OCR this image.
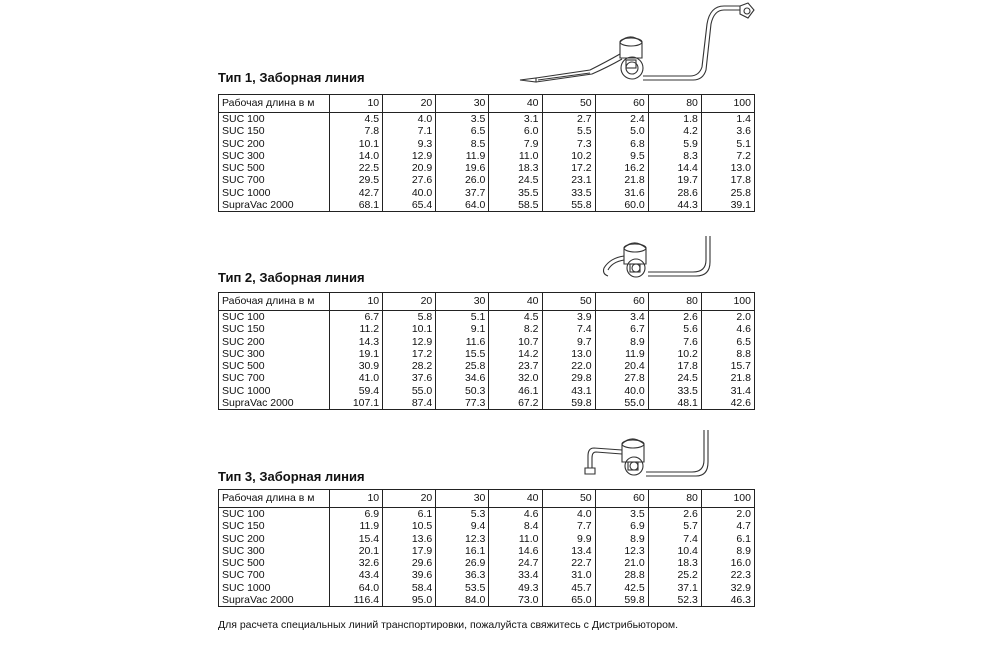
Тип 1, Заборная линия
Рабочая длина в м	10	20	30	40	50	60	80	100
SUC 100	4.5	4.0	3.5	3.1	2.7	2.4	1.8	1.4
SUC 150	7.8	7.1	6.5	6.0	5.5	5.0	4.2	3.6
SUC 200	10.1	9.3	8.5	7.9	7.3	6.8	5.9	5.1
SUC 300	14.0	12.9	11.9	11.0	10.2	9.5	8.3	7.2
SUC 500	22.5	20.9	19.6	18.3	17.2	16.2	14.4	13.0
SUC 700	29.5	27.6	26.0	24.5	23.1	21.8	19.7	17.8
SUC 1000	42.7	40.0	37.7	35.5	33.5	31.6	28.6	25.8
SupraVac 2000	68.1	65.4	64.0	58.5	55.8	60.0	44.3	39.1
Тип 2, Заборная линия
Рабочая длина в м	10	20	30	40	50	60	80	100
SUC 100	6.7	5.8	5.1	4.5	3.9	3.4	2.6	2.0
SUC 150	11.2	10.1	9.1	8.2	7.4	6.7	5.6	4.6
SUC 200	14.3	12.9	11.6	10.7	9.7	8.9	7.6	6.5
SUC 300	19.1	17.2	15.5	14.2	13.0	11.9	10.2	8.8
SUC 500	30.9	28.2	25.8	23.7	22.0	20.4	17.8	15.7
SUC 700	41.0	37.6	34.6	32.0	29.8	27.8	24.5	21.8
SUC 1000	59.4	55.0	50.3	46.1	43.1	40.0	33.5	31.4
SupraVac 2000	107.1	87.4	77.3	67.2	59.8	55.0	48.1	42.6
Тип 3, Заборная линия
Рабочая длина в м	10	20	30	40	50	60	80	100
SUC 100	6.9	6.1	5.3	4.6	4.0	3.5	2.6	2.0
SUC 150	11.9	10.5	9.4	8.4	7.7	6.9	5.7	4.7
SUC 200	15.4	13.6	12.3	11.0	9.9	8.9	7.4	6.1
SUC 300	20.1	17.9	16.1	14.6	13.4	12.3	10.4	8.9
SUC 500	32.6	29.6	26.9	24.7	22.7	21.0	18.3	16.0
SUC 700	43.4	39.6	36.3	33.4	31.0	28.8	25.2	22.3
SUC 1000	64.0	58.4	53.5	49.3	45.7	42.5	37.1	32.9
SupraVac 2000	116.4	95.0	84.0	73.0	65.0	59.8	52.3	46.3
Для расчета специальных линий транспортировки, пожалуйста свяжитесь с Дистрибьютором.
